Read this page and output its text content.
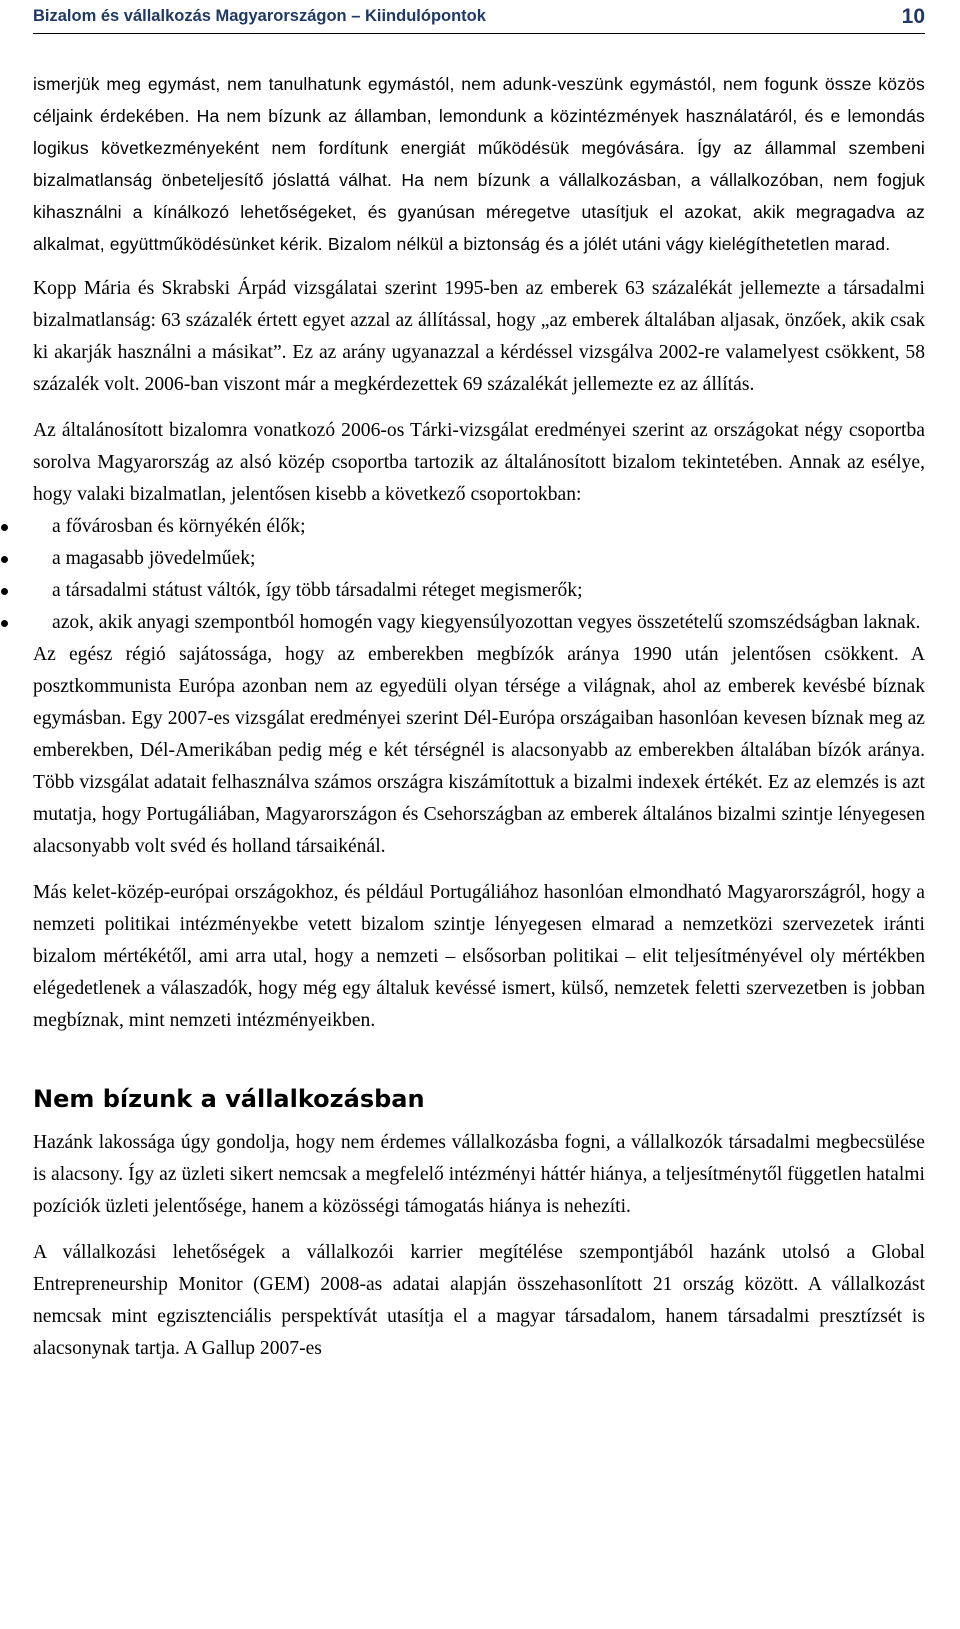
Bizalom és vállalkozás Magyarországon – Kiindulópontok	10

ismerjük meg egymást, nem tanulhatunk egymástól, nem adunk-veszünk egymástól, nem fogunk össze közös céljaink érdekében. Ha nem bízunk az államban, lemondunk a közintézmények használatáról, és e lemondás logikus következményeként nem fordítunk energiát működésük megóvására. Így az állammal szembeni bizalmatlanság önbeteljesítő jóslattá válhat. Ha nem bízunk a vállalkozásban, a vállalkozóban, nem fogjuk kihasználni a kínálkozó lehetőségeket, és gyanúsan méregetve utasítjuk el azokat, akik megragadva az alkalmat, együttműködésünket kérik. Bizalom nélkül a biztonság és a jólét utáni vágy kielégíthetetlen marad.

Kopp Mária és Skrabski Árpád vizsgálatai szerint 1995-ben az emberek 63 százalékát jellemezte a társadalmi bizalmatlanság: 63 százalék értett egyet azzal az állítással, hogy „az emberek általában aljasak, önzőek, akik csak ki akarják használni a másikat”. Ez az arány ugyanazzal a kérdéssel vizsgálva 2002-re valamelyest csökkent, 58 százalék volt. 2006-ban viszont már a megkérdezettek 69 százalékát jellemezte ez az állítás.

Az általánosított bizalomra vonatkozó 2006-os Tárki-vizsgálat eredményei szerint az országokat négy csoportba sorolva Magyarország az alsó közép csoportba tartozik az általánosított bizalom tekintetében. Annak az esélye, hogy valaki bizalmatlan, jelentősen kisebb a következő csoportokban:

a fővárosban és környékén élők;
a magasabb jövedelműek;
a társadalmi státust váltók, így több társadalmi réteget megismerők;
azok, akik anyagi szempontból homogén vagy kiegyensúlyozottan vegyes összetételű szomszédságban laknak.

Az egész régió sajátossága, hogy az emberekben megbízók aránya 1990 után jelentősen csökkent. A posztkommunista Európa azonban nem az egyedüli olyan térsége a világnak, ahol az emberek kevésbé bíznak egymásban. Egy 2007-es vizsgálat eredményei szerint Dél-Európa országaiban hasonlóan kevesen bíznak meg az emberekben, Dél-Amerikában pedig még e két térségnél is alacsonyabb az emberekben általában bízók aránya. Több vizsgálat adatait felhasználva számos országra kiszámítottuk a bizalmi indexek értékét. Ez az elemzés is azt mutatja, hogy Portugáliában, Magyarországon és Csehországban az emberek általános bizalmi szintje lényegesen alacsonyabb volt svéd és holland társaikénál.

Más kelet-közép-európai országokhoz, és például Portugáliához hasonlóan elmondható Magyarországról, hogy a nemzeti politikai intézményekbe vetett bizalom szintje lényegesen elmarad a nemzetközi szervezetek iránti bizalom mértékétől, ami arra utal, hogy a nemzeti – elsősorban politikai – elit teljesítményével oly mértékben elégedetlenek a válaszadók, hogy még egy általuk kevéssé ismert, külső, nemzetek feletti szervezetben is jobban megbíznak, mint nemzeti intézményeikben.

Nem bízunk a vállalkozásban

Hazánk lakossága úgy gondolja, hogy nem érdemes vállalkozásba fogni, a vállalkozók társadalmi megbecsülése is alacsony. Így az üzleti sikert nemcsak a megfelelő intézményi háttér hiánya, a teljesítménytől független hatalmi pozíciók üzleti jelentősége, hanem a közösségi támogatás hiánya is nehezíti.

A vállalkozási lehetőségek a vállalkozói karrier megítélése szempontjából hazánk utolsó a Global Entrepreneurship Monitor (GEM) 2008-as adatai alapján összehasonlított 21 ország között. A vállalkozást nemcsak mint egzisztenciális perspektívát utasítja el a magyar társadalom, hanem társadalmi presztízsét is alacsonynak tartja. A Gallup 2007-es
